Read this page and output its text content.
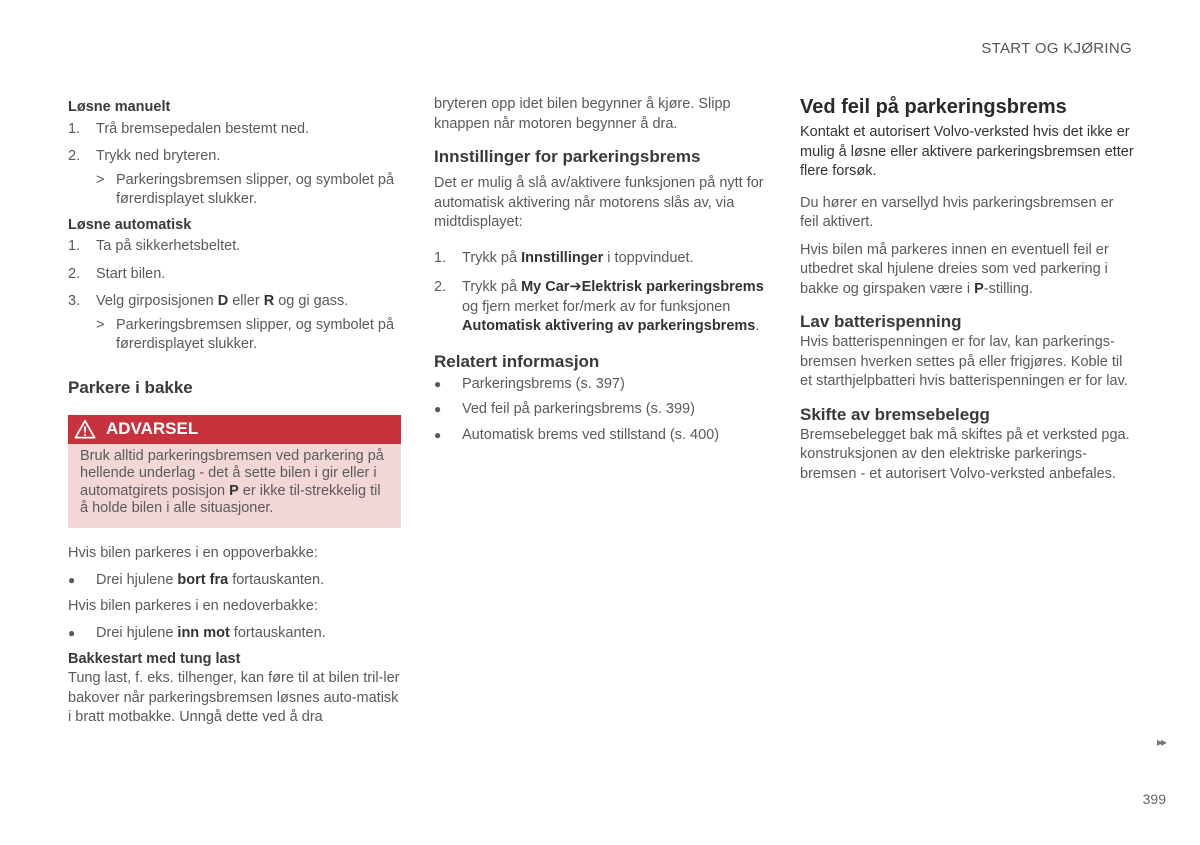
START OG KJØRING
Løsne manuelt
1. Trå bremsepedalen bestemt ned.
2. Trykk ned bryteren.
> Parkeringsbremsen slipper, og symbolet på førerdisplayet slukker.
Løsne automatisk
1. Ta på sikkerhetsbeltet.
2. Start bilen.
3. Velg girposisjonen D eller R og gi gass.
> Parkeringsbremsen slipper, og symbolet på førerdisplayet slukker.
Parkere i bakke
ADVARSEL
Bruk alltid parkeringsbremsen ved parkering på hellende underlag - det å sette bilen i gir eller i automatgirets posisjon P er ikke til-strekkelig til å holde bilen i alle situasjoner.

Hvis bilen parkeres i en oppoverbakke:

● Drei hjulene bort fra fortauskanten.

Hvis bilen parkeres i en nedoverbakke:

● Drei hjulene inn mot fortauskanten.
Bakkestart med tung last
Tung last, f. eks. tilhenger, kan føre til at bilen tril-ler bakover når parkeringsbremsen løsnes auto-matisk i bratt motbakke. Unngå dette ved å dra
bryteren opp idet bilen begynner å kjøre. Slipp knappen når motoren begynner å dra.
Innstillinger for parkeringsbrems

Det er mulig å slå av/aktivere funksjonen på nytt for automatisk aktivering når motorens slås av, via midtdisplayet:

1. Trykk på Innstillinger i toppvinduet.
2. Trykk på My Car➔Elektrisk parkeringsbrems og fjern merket for/merk av for funksjonen Automatisk aktivering av parkeringsbrems.
Relatert informasjon
● Parkeringsbrems (s. 397)
● Ved feil på parkeringsbrems (s. 399)
● Automatisk brems ved stillstand (s. 400)
Ved feil på parkeringsbrems
Kontakt et autorisert Volvo-verksted hvis det ikke er mulig å løsne eller aktivere parkeringsbremsen etter flere forsøk.

Du hører en varsellyd hvis parkeringsbremsen er feil aktivert.

Hvis bilen må parkeres innen en eventuell feil er utbedret skal hjulene dreies som ved parkering i bakke og girspaken være i P-stilling.

Lav batterispenning
Hvis batterispenningen er for lav, kan parkerings-bremsen hverken settes på eller frigjøres. Koble til et starthjelpbatteri hvis batterispenningen er for lav.
Skifte av bremsebelegg
Bremsebelegget bak må skiftes på et verksted pga. konstruksjonen av den elektriske parkerings-bremsen - et autorisert Volvo-verksted anbefales.
▸▸
399
